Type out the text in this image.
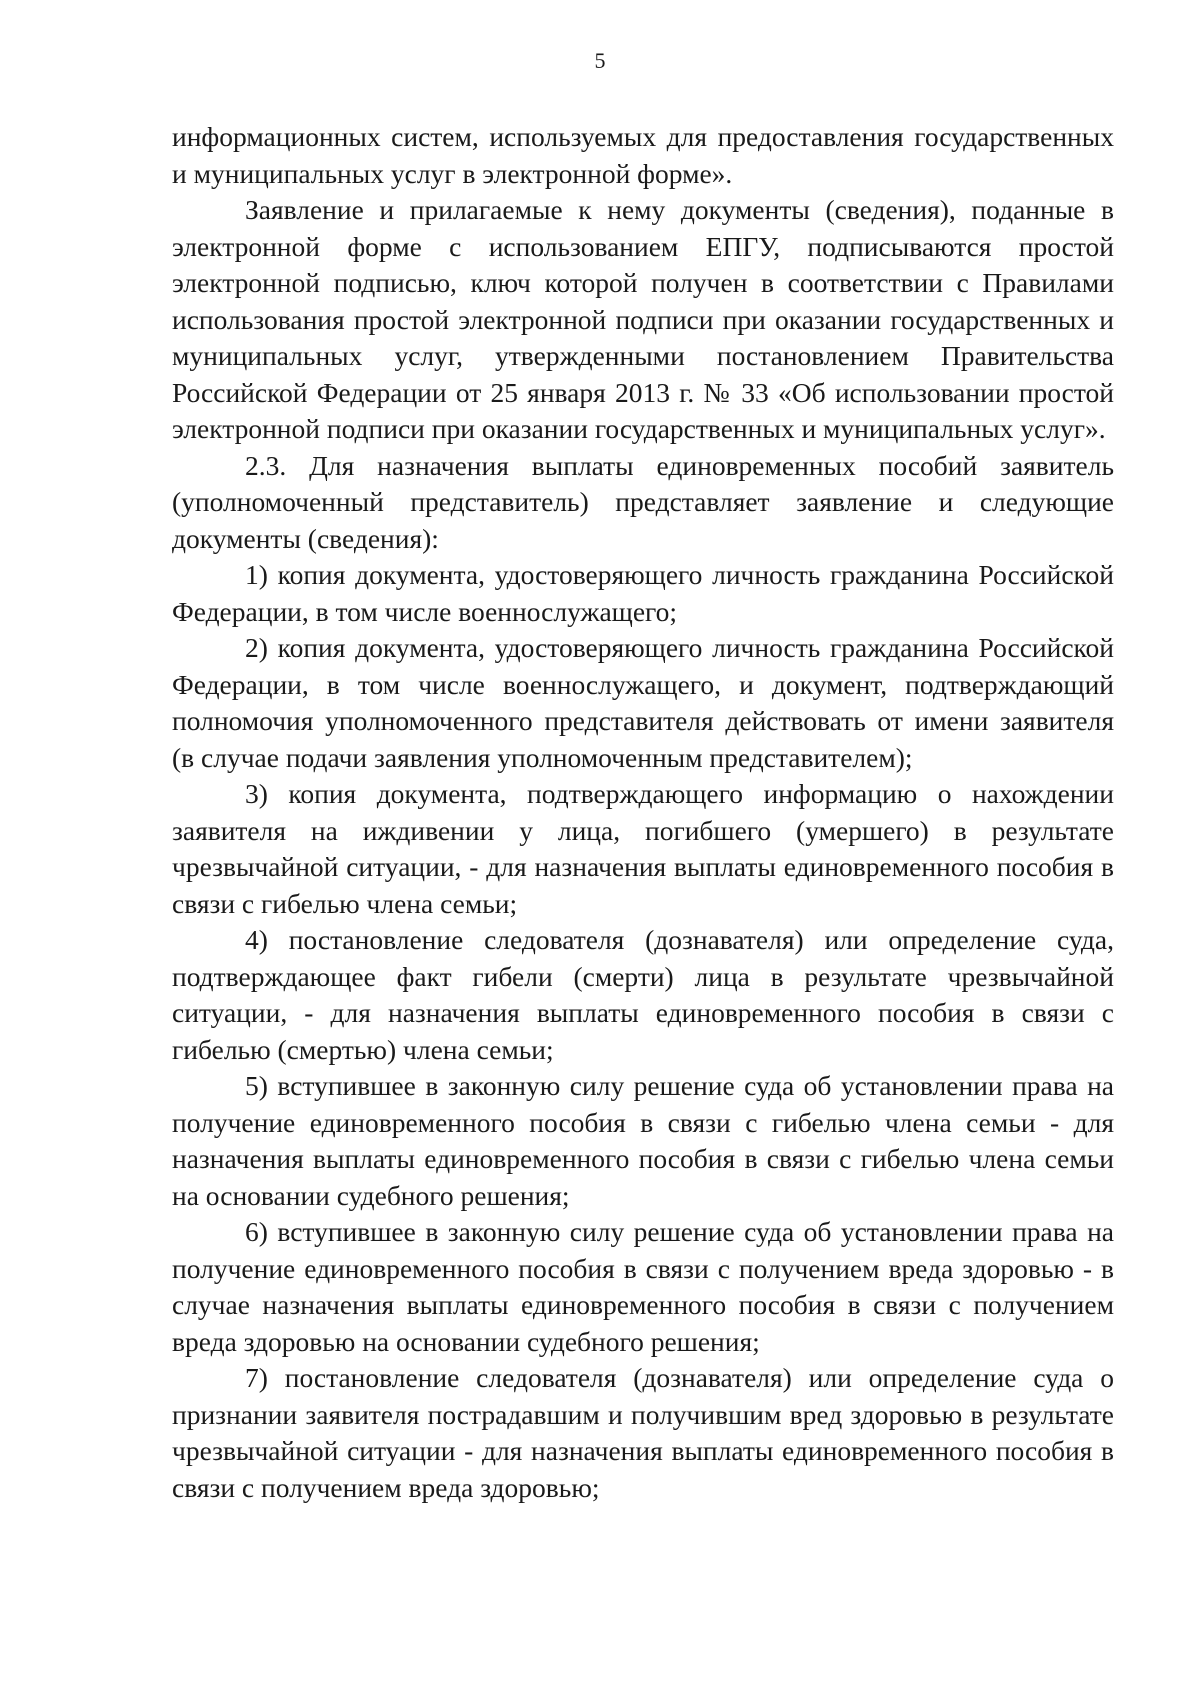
5

информационных систем, используемых для предоставления государственных и муниципальных услуг в электронной форме».

Заявление и прилагаемые к нему документы (сведения), поданные в электронной форме с использованием ЕПГУ, подписываются простой электронной подписью, ключ которой получен в соответствии с Правилами использования простой электронной подписи при оказании государственных и муниципальных услуг, утвержденными постановлением Правительства Российской Федерации от 25 января 2013 г. № 33 «Об использовании простой электронной подписи при оказании государственных и муниципальных услуг».

2.3. Для назначения выплаты единовременных пособий заявитель (уполномоченный представитель) представляет заявление и следующие документы (сведения):

1) копия документа, удостоверяющего личность гражданина Российской Федерации, в том числе военнослужащего;

2) копия документа, удостоверяющего личность гражданина Российской Федерации, в том числе военнослужащего, и документ, подтверждающий полномочия уполномоченного представителя действовать от имени заявителя (в случае подачи заявления уполномоченным представителем);

3) копия документа, подтверждающего информацию о нахождении заявителя на иждивении у лица, погибшего (умершего) в результате чрезвычайной ситуации, - для назначения выплаты единовременного пособия в связи с гибелью члена семьи;

4) постановление следователя (дознавателя) или определение суда, подтверждающее факт гибели (смерти) лица в результате чрезвычайной ситуации, - для назначения выплаты единовременного пособия в связи с гибелью (смертью) члена семьи;

5) вступившее в законную силу решение суда об установлении права на получение единовременного пособия в связи с гибелью члена семьи - для назначения выплаты единовременного пособия в связи с гибелью члена семьи на основании судебного решения;

6) вступившее в законную силу решение суда об установлении права на получение единовременного пособия в связи с получением вреда здоровью - в случае назначения выплаты единовременного пособия в связи с получением вреда здоровью на основании судебного решения;

7) постановление следователя (дознавателя) или определение суда о признании заявителя пострадавшим и получившим вред здоровью в результате чрезвычайной ситуации - для назначения выплаты единовременного пособия в связи с получением вреда здоровью;
